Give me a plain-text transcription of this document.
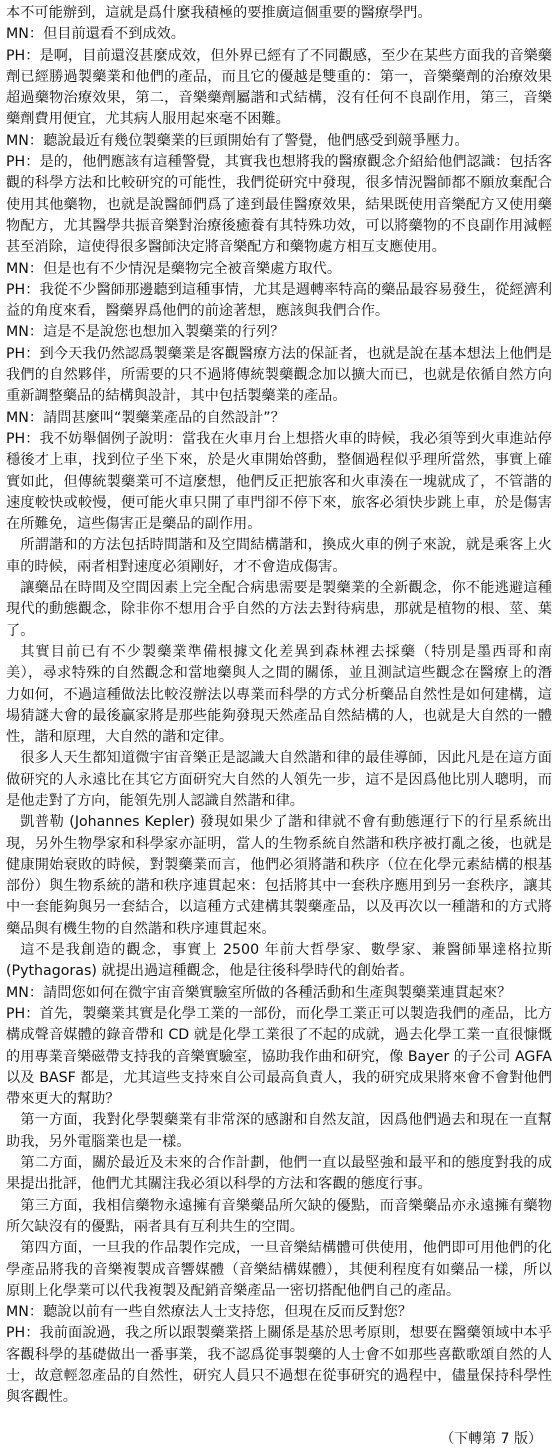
本不可能辦到，這就是爲什麼我積極的要推廣這個重要的醫療學門。

MN：但目前還看不到成效。

PH：是啊，目前還沒甚麼成效，但外界已經有了不同觀感，至少在某些方面我的音樂藥劑已經勝過製藥業和他們的產品，而且它的優越是雙重的：第一，音樂藥劑的治療效果超過藥物治療效果，第二，音樂藥劑屬諧和式結構，沒有任何不良副作用，第三，音樂藥劑費用便宜，尤其病人服用起來毫不困難。

MN：聽說最近有幾位製藥業的巨頭開始有了警覺，他們感受到競爭壓力。

PH：是的，他們應該有這種警覺，其實我也想將我的醫療觀念介紹給他們認識：包括客觀的科學方法和比較研究的可能性，我們從研究中發現，很多情況醫師都不願放棄配合使用其他藥物，也就是說醫師們爲了達到最佳醫療效果，結果既使用音樂配方又使用藥物配方，尤其醫學共振音樂對治療後癒養有其特殊功效，可以將藥物的不良副作用減輕甚至消除，這使得很多醫師決定將音樂配方和藥物處方相互支應使用。

MN：但是也有不少情況是藥物完全被音樂處方取代。

PH：我從不少醫師那邊聽到這種事情，尤其是週轉率特高的藥品最容易發生，從經濟利益的角度來看，醫藥界爲他們的前途著想，應該與我們合作。

MN：這是不是說您也想加入製藥業的行列？

PH：到今天我仍然認爲製藥業是客觀醫療方法的保証者，也就是說在基本想法上他們是我們的自然夥伴，所需要的只不過將傳統製藥觀念加以擴大而已，也就是依循自然方向重新調整藥品的結構與設計，其中包括製藥業的產品。

MN：請問甚麼叫“製藥業產品的自然設計”？

PH：我不妨舉個例子說明：當我在火車月台上想搭火車的時候，我必須等到火車進站停穩後才上車，找到位子坐下來，於是火車開始啓動，整個過程似乎理所當然，事實上確實如此，但傳統製藥業可不這麼想，他們反正把旅客和火車湊在一塊就成了，不管諧的速度較快或較慢，便可能火車只開了車門卻不停下來，旅客必須快步跳上車，於是傷害在所難免，這些傷害正是藥品的副作用。

所謂諧和的方法包括時間諧和及空間結構諧和，換成火車的例子來說，就是乘客上火車的時候，兩者相對速度必須剛好，才不會造成傷害。

讓藥品在時間及空間因素上完全配合病患需要是製藥業的全新觀念，你不能逃避這種現代的動態觀念，除非你不想用合乎自然的方法去對待病患，那就是植物的根、莖、葉了。

其實目前已有不少製藥業準備根據文化差異到森林裡去採藥（特別是墨西哥和南美），尋求特殊的自然觀念和當地藥與人之間的關係，並且測試這些觀念在醫療上的潛力如何，不過這種做法比較沒辦法以專業而科學的方式分析藥品自然性是如何建構，這場猜謎大會的最後贏家將是那些能夠發現天然產品自然結構的人，也就是大自然的一體性，諧和原理，大自然的諧和定律。

很多人天生都知道微宇宙音樂正是認識大自然諧和律的最佳導師，因此凡是在這方面做研究的人永遠比在其它方面研究大自然的人領先一步，這不是因爲他比別人聰明，而是他走對了方向，能領先別人認識自然諧和律。

凱普勒 (Johannes Kepler) 發現如果少了諧和律就不會有動態運行下的行星系統出現，另外生物學家和科學家亦証明，當人的生物系統自然諧和秩序被打亂之後，也就是健康開始衰敗的時候，對製藥業而言，他們必須將諧和秩序（位在化學元素結構的根基部份）與生物系統的諧和秩序連貫起來：包括將其中一套秩序應用到另一套秩序，讓其中一套能夠與另一套結合，以這種方式建構其製藥產品，以及再次以一種諧和的方式將藥品與有機生物的自然諧和秩序連貫起來。

這不是我創造的觀念，事實上 2500 年前大哲學家、數學家、兼醫師畢達格拉斯 (Pythagoras) 就提出過這種觀念，他是往後科學時代的創始者。

MN：請問您如何在微宇宙音樂實驗室所做的各種活動和生產與製藥業連貫起來？

PH：首先，製藥業其實是化學工業的一部份，而化學工業正可以製造我們的產品，比方構成聲音媒體的錄音帶和 CD 就是化學工業很了不起的成就，過去化學工業一直很慷慨的用專業音樂磁帶支持我的音樂實驗室，協助我作曲和研究，像 Bayer 的子公司 AGFA 以及 BASF 都是，尤其這些支持來自公司最高負責人，我的研究成果將來會不會對他們帶來更大的幫助？

第一方面，我對化學製藥業有非常深的感謝和自然友誼，因爲他們過去和現在一直幫助我，另外電腦業也是一樣。

第二方面，關於最近及未來的合作計劃，他們一直以最堅強和最平和的態度對我的成果提出批評，他們尤其關注我必須以科學的方法和客觀的態度行事。

第三方面，我相信藥物永遠擁有音樂藥品所欠缺的優點，而音樂藥品亦永遠擁有藥物所欠缺沒有的優點，兩者具有互利共生的空間。

第四方面，一旦我的作品製作完成，一旦音樂結構體可供使用，他們即可用他們的化學產品將我的音樂複製成音響媒體（音樂結構媒體），其便利程度有如藥品一樣，所以原則上化學業可以代我複製及配銷音樂產品一密切搭配他們自己的產品。

MN：聽說以前有一些自然療法人士支持您，但現在反而反對您？

PH：我前面說過，我之所以跟製藥業搭上關係是基於思考原則，想要在醫藥領域中本乎客觀科學的基礎做出一番事業，我不認爲從事製藥的人士會不如那些喜歡歌頌自然的人士，故意輕忽產品的自然性，研究人員只不過想在從事研究的過程中，儘量保持科學性與客觀性。

（下轉第 7 版）
